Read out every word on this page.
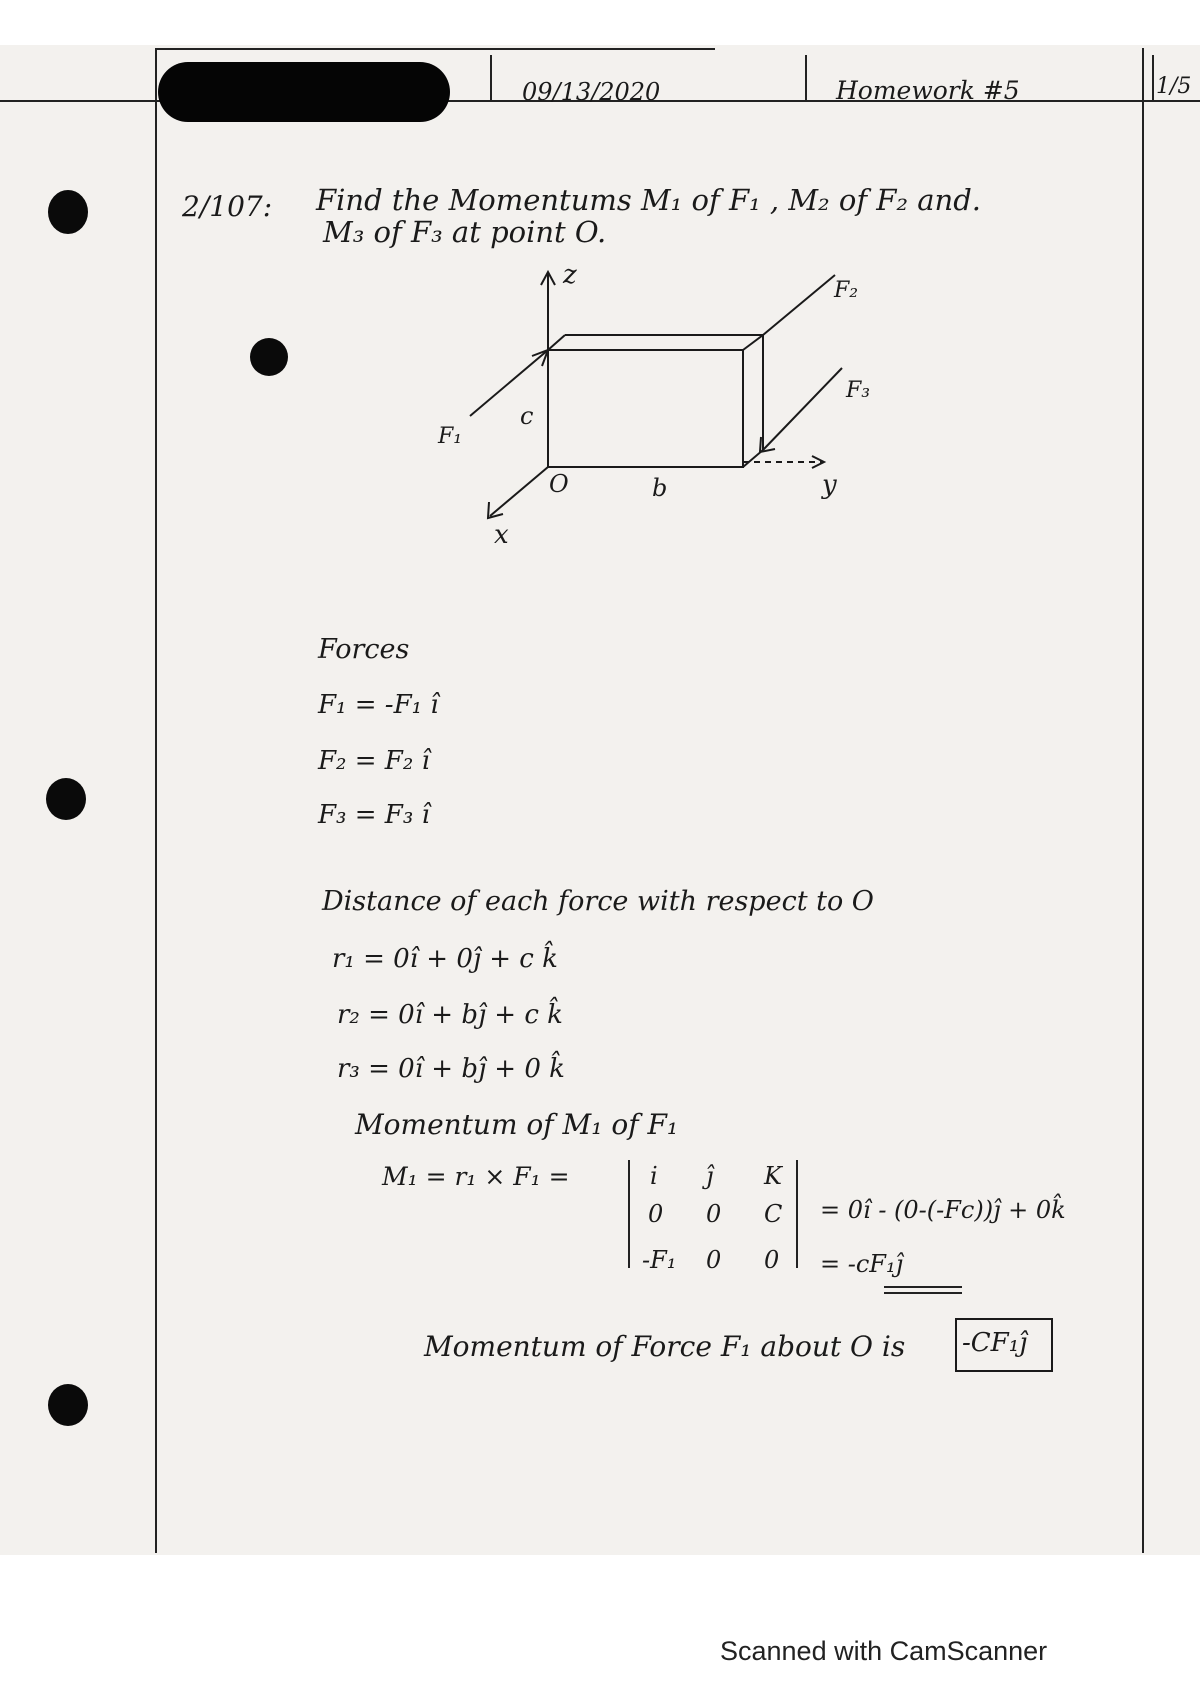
09/13/2020	Homework #5	1/5
2/107: Find the Momentums M₁ of F₁ , M₂ of F₂ and.
M₃ of F₃ at point O.
z
y
x
O	b
c
F₁
F₂
F₃
Forces
F₁ = -F₁ î
F₂ = F₂ î
F₃ = F₃ î
Distance of each force with respect to O
r₁ = 0î + 0ĵ + c k̂
r₂ = 0î + bĵ + c k̂
r₃ = 0î + bĵ + 0 k̂
Momentum of M₁ of F₁
M₁ = r₁ × F₁ =	i ĵ K
0 0 C
-F₁ 0 0
= 0î - (0-(-Fc))ĵ + 0k̂
= -cF₁ĵ
Momentum of Force F₁ about O is -CF₁ĵ
Scanned with CamScanner
